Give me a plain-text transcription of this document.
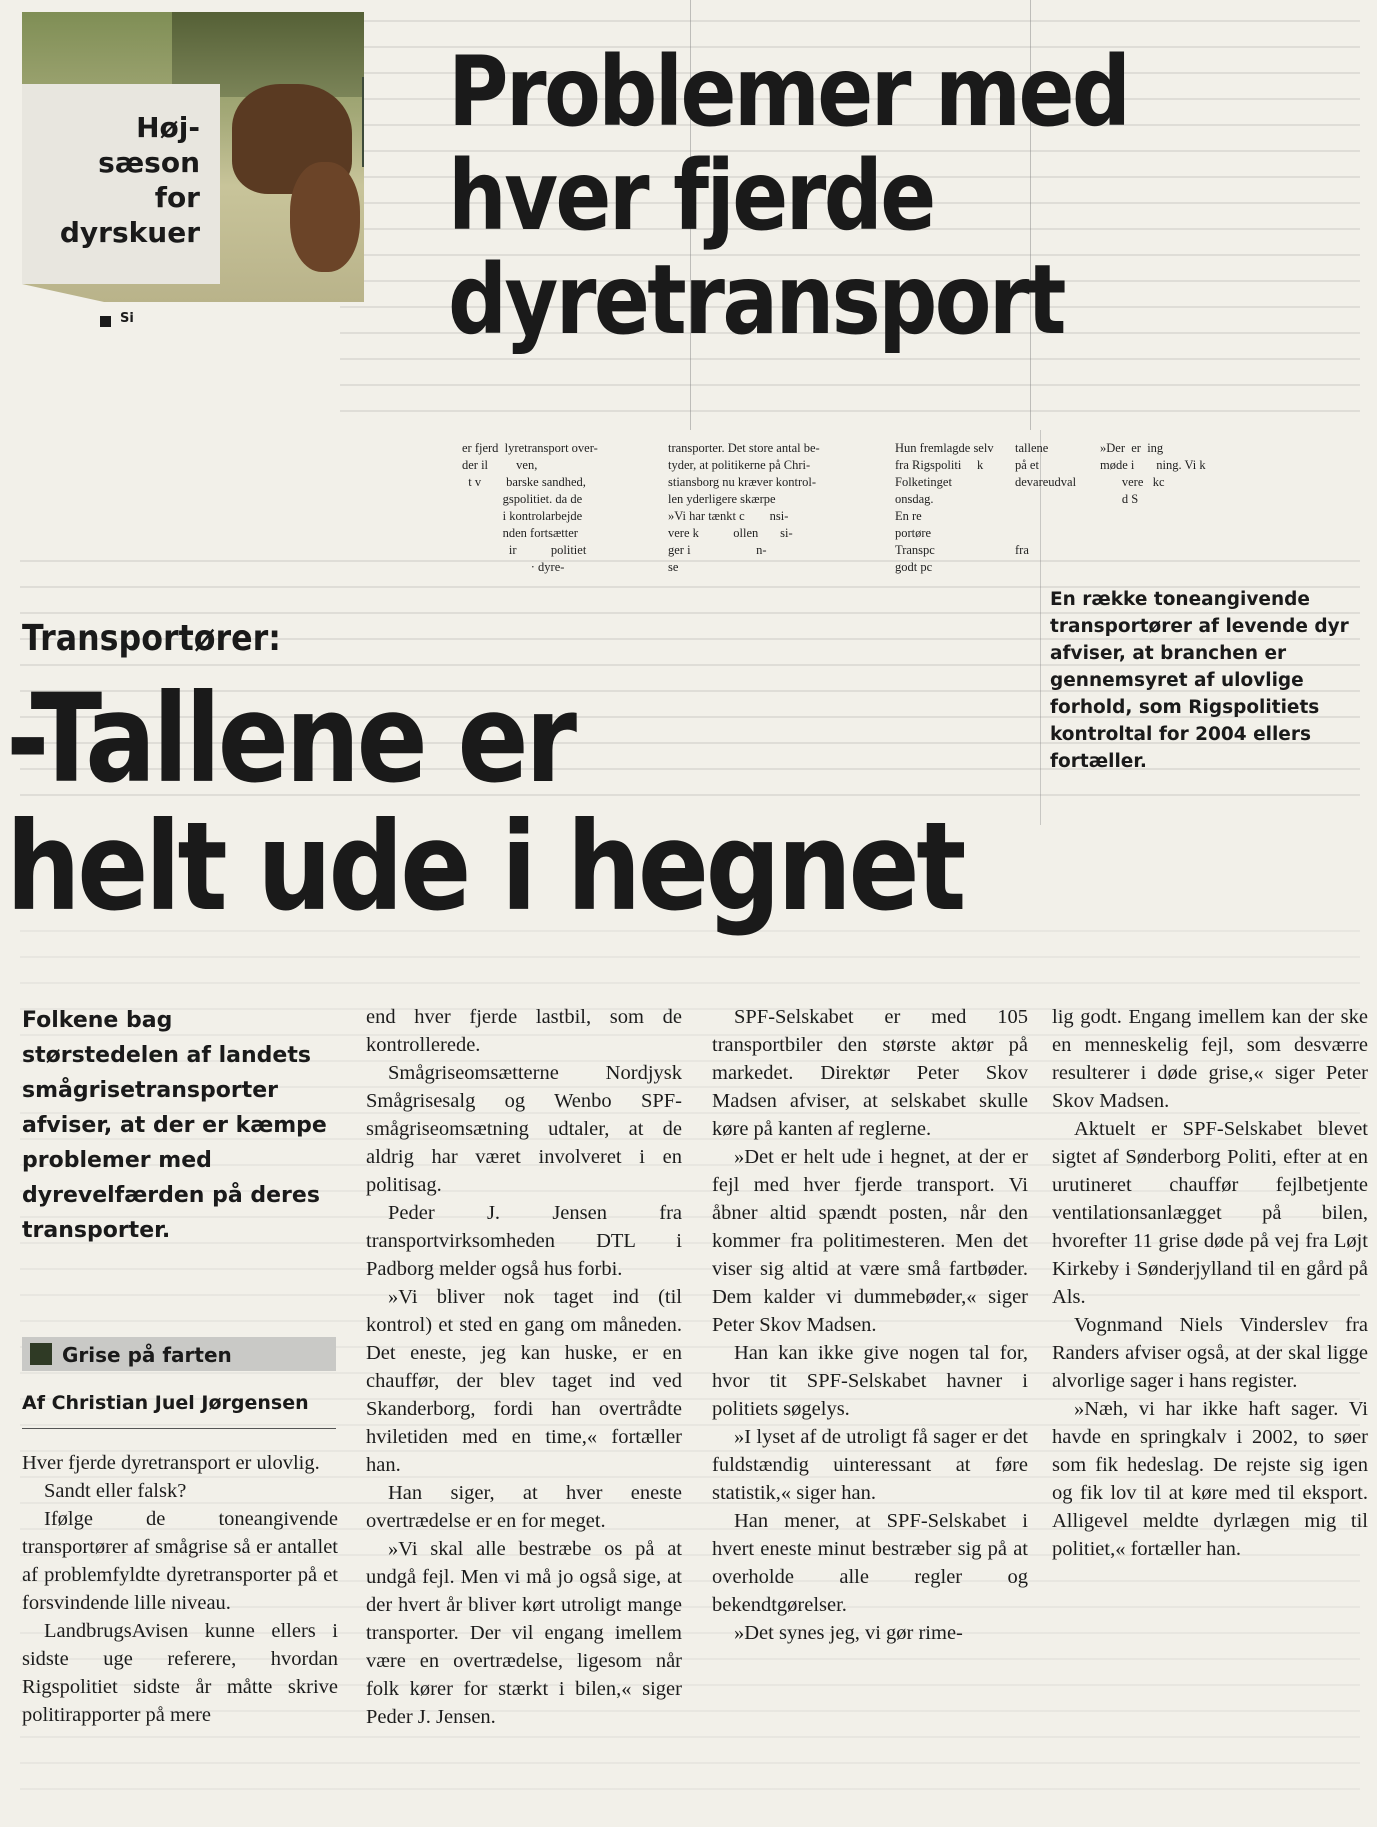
Høj-
sæson
for
dyrskuer
Si
Problemer med
hver fjerde
dyretransport
er fjerd  lyretransport over-
der il         ven,
t v        barske sandhed,
gspolitiet. da de
i kontrolarbejde
nden fortsætter
ir           politiet
· dyre-
transporter. Det store antal be-
tyder, at politikerne på Chri-
stiansborg nu kræver kontrol-
len yderligere skærpe
»Vi har tænkt c        nsi-
vere k           ollen       si-
ger i                     n-
se
Hun fremlagde selv
fra Rigspoliti     k
Folketinget
onsdag.
En re
portøre
Transpc
godt pc
tallene
på et
devareudval

fra
»Der  er  ing
møde i       ning. Vi k
vere   kc
d S
En række toneangivende transportører af levende dyr afviser, at branchen er gennemsyret af ulovlige forhold, som Rigspolitiets kontroltal for 2004 ellers fortæller.
Transportører:
-Tallene er
helt ude i hegnet
Folkene bag størstedelen af landets smågrisetransporter afviser, at der er kæmpe problemer med dyrevelfærden på deres transporter.
Grise på farten
Af Christian Juel Jørgensen

Hver fjerde dyretransport er ulovlig.

Sandt eller falsk?

Ifølge de toneangivende transportører af smågrise så er antallet af problemfyldte dyretransporter på et forsvindende lille niveau.

LandbrugsAvisen kunne ellers i sidste uge referere, hvordan Rigspolitiet sidste år måtte skrive politirapporter på mere

end hver fjerde lastbil, som de kontrollerede.

Smågriseomsætterne Nordjysk Smågrisesalg og Wenbo SPF-smågriseomsætning udtaler, at de aldrig har været involveret i en politisag.

Peder J. Jensen fra transportvirksomheden DTL i Padborg melder også hus forbi.

»Vi bliver nok taget ind (til kontrol) et sted en gang om måneden. Det eneste, jeg kan huske, er en chauffør, der blev taget ind ved Skanderborg, fordi han overtrådte hviletiden med en time,« fortæller han.

Han siger, at hver eneste overtrædelse er en for meget.

»Vi skal alle bestræbe os på at undgå fejl. Men vi må jo også sige, at der hvert år bliver kørt utroligt mange transporter. Der vil engang imellem være en overtrædelse, ligesom når folk kører for stærkt i bilen,« siger Peder J. Jensen.

SPF-Selskabet er med 105 transportbiler den største aktør på markedet. Direktør Peter Skov Madsen afviser, at selskabet skulle køre på kanten af reglerne.

»Det er helt ude i hegnet, at der er fejl med hver fjerde transport. Vi åbner altid spændt posten, når den kommer fra politimesteren. Men det viser sig altid at være små fartbøder. Dem kalder vi dummebøder,« siger Peter Skov Madsen.

Han kan ikke give nogen tal for, hvor tit SPF-Selskabet havner i politiets søgelys.

»I lyset af de utroligt få sager er det fuldstændig uinteressant at føre statistik,« siger han.

Han mener, at SPF-Selskabet i hvert eneste minut bestræber sig på at overholde alle regler og bekendtgørelser.

»Det synes jeg, vi gør rime-

lig godt. Engang imellem kan der ske en menneskelig fejl, som desværre resulterer i døde grise,« siger Peter Skov Madsen.

Aktuelt er SPF-Selskabet blevet sigtet af Sønderborg Politi, efter at en urutineret chauffør fejlbetjente ventilationsanlægget på bilen, hvorefter 11 grise døde på vej fra Løjt Kirkeby i Sønderjylland til en gård på Als.

Vognmand Niels Vinderslev fra Randers afviser også, at der skal ligge alvorlige sager i hans register.

»Næh, vi har ikke haft sager. Vi havde en springkalv i 2002, to søer som fik hedeslag. De rejste sig igen og fik lov til at køre med til eksport. Alligevel meldte dyrlægen mig til politiet,« fortæller han.
